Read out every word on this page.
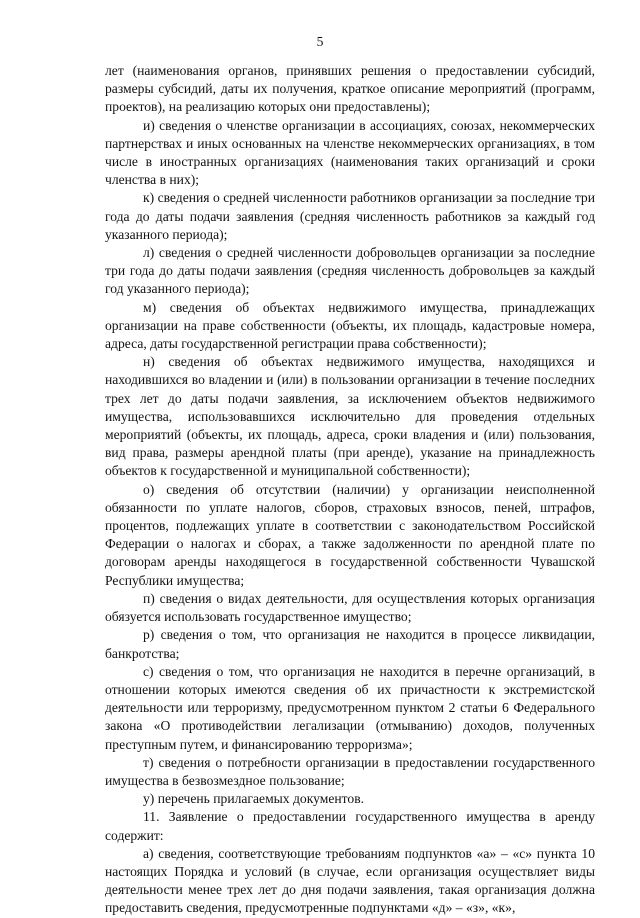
5

лет (наименования органов, принявших решения о предоставлении субсидий, размеры субсидий, даты их получения, краткое описание мероприятий (программ, проектов), на реализацию которых они предоставлены);

и) сведения о членстве организации в ассоциациях, союзах, некоммерческих партнерствах и иных основанных на членстве некоммерческих организациях, в том числе в иностранных организациях (наименования таких организаций и сроки членства в них);

к) сведения о средней численности работников организации за последние три года до даты подачи заявления (средняя численность работников за каждый год указанного периода);

л) сведения о средней численности добровольцев организации за последние три года до даты подачи заявления (средняя численность добровольцев за каждый год указанного периода);

м) сведения об объектах недвижимого имущества, принадлежащих организации на праве собственности (объекты, их площадь, кадастровые номера, адреса, даты государственной регистрации права собственности);

н) сведения об объектах недвижимого имущества, находящихся и находившихся во владении и (или) в пользовании организации в течение последних трех лет до даты подачи заявления, за исключением объектов недвижимого имущества, использовавшихся исключительно для проведения отдельных мероприятий (объекты, их площадь, адреса, сроки владения и (или) пользования, вид права, размеры арендной платы (при аренде), указание на принадлежность объектов к государственной и муниципальной собственности);

о) сведения об отсутствии (наличии) у организации неисполненной обязанности по уплате налогов, сборов, страховых взносов, пеней, штрафов, процентов, подлежащих уплате в соответствии с законодательством Российской Федерации о налогах и сборах, а также задолженности по арендной плате по договорам аренды находящегося в государственной собственности Чувашской Республики имущества;

п) сведения о видах деятельности, для осуществления которых организация обязуется использовать государственное имущество;

р) сведения о том, что организация не находится в процессе ликвидации, банкротства;

с) сведения о том, что организация не находится в перечне организаций, в отношении которых имеются сведения об их причастности к экстремистской деятельности или терроризму, предусмотренном пунктом 2 статьи 6 Федерального закона «О противодействии легализации (отмыванию) доходов, полученных преступным путем, и финансированию терроризма»;

т) сведения о потребности организации в предоставлении государственного имущества в безвозмездное пользование;

у) перечень прилагаемых документов.

11. Заявление о предоставлении государственного имущества в аренду содержит:

а) сведения, соответствующие требованиям подпунктов «а» – «с» пункта 10 настоящих Порядка и условий (в случае, если организация осуществляет виды деятельности менее трех лет до дня подачи заявления, такая организация должна предоставить сведения, предусмотренные подпунктами «д» – «з», «к»,
